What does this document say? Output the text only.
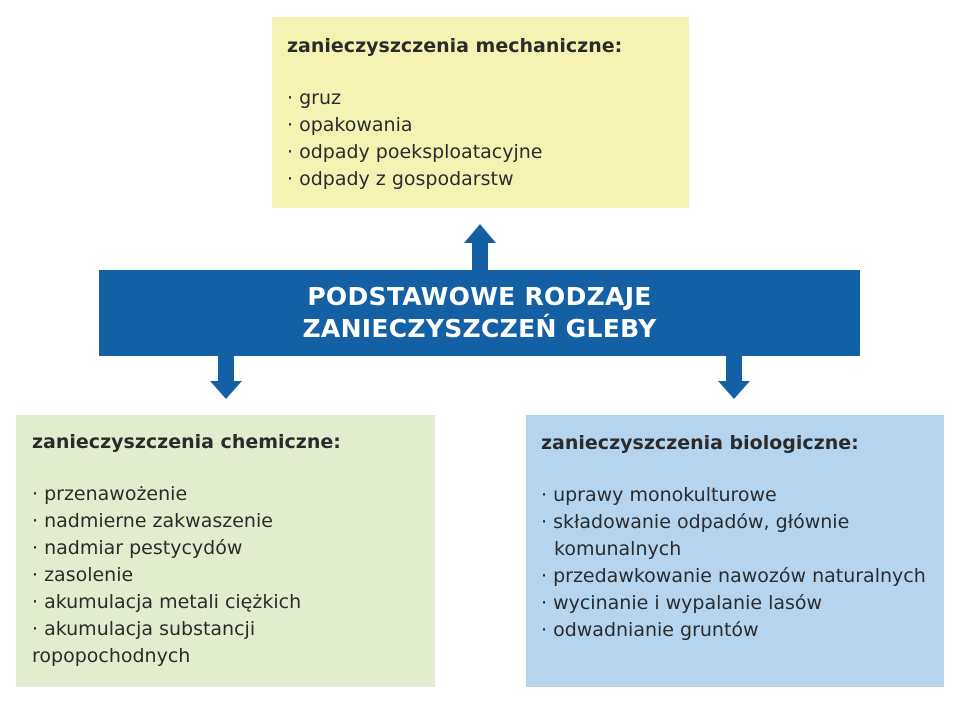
zanieczyszczenia mechaniczne:
· gruz
· opakowania
· odpady poeksploatacyjne
· odpady z gospodarstw
PODSTAWOWE RODZAJE
ZANIECZYSZCZEŃ GLEBY
zanieczyszczenia chemiczne:
· przenawożenie
· nadmierne zakwaszenie
· nadmiar pestycydów
· zasolenie
· akumulacja metali ciężkich
· akumulacja substancji ropopochodnych
zanieczyszczenia biologiczne:
· uprawy monokulturowe
· składowanie odpadów, głównie komunalnych
· przedawkowanie nawozów naturalnych
· wycinanie i wypalanie lasów
· odwadnianie gruntów
